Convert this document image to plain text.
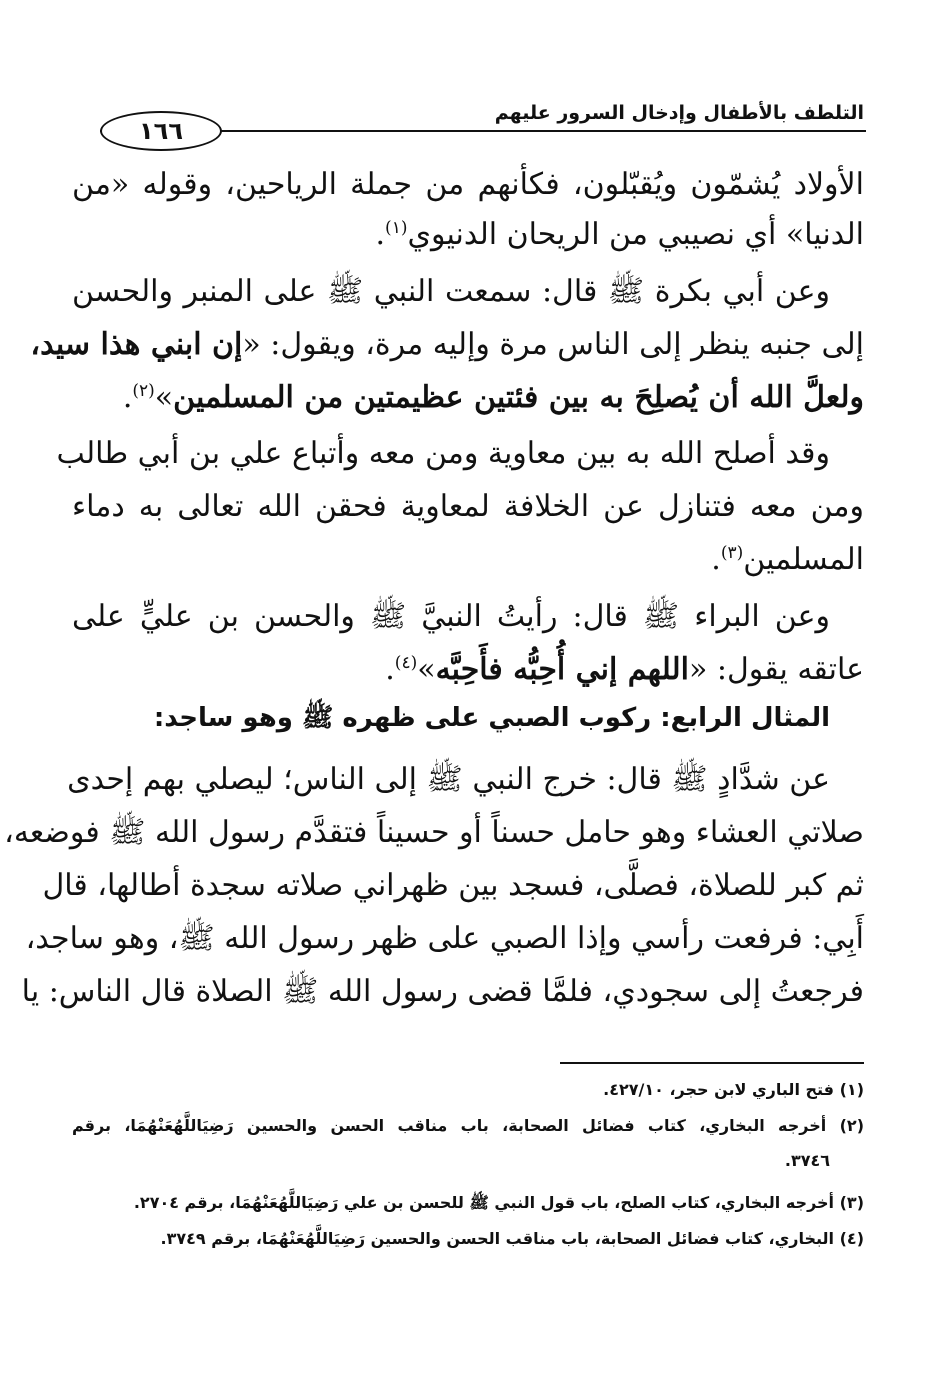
١٦٦
التلطف بالأطفال وإدخال السرور عليهم
الأولاد يُشمّون ويُقبّلون، فكأنهم من جملة الرياحين، وقوله «من
الدنيا» أي نصيبي من الريحان الدنيوي$^{(١)}$.
وعن أبي بكرة ﷺ قال: سمعت النبي ﷺ على المنبر والحسن
إلى جنبه ينظر إلى الناس مرة وإليه مرة، ويقول: «إن ابني هذا سيد،
ولعلَّ الله أن يُصلِحَ به بين فئتين عظيمتين من المسلمين»$^{(٢)}$.
وقد أصلح الله به بين معاوية ومن معه وأتباع علي بن أبي طالب
ومن معه فتنازل عن الخلافة لمعاوية فحقن الله تعالى به دماء
المسلمين$^{(٣)}$.
وعن البراء ﷺ قال: رأيتُ النبيَّ ﷺ والحسن بن عليٍّ على
عاتقه يقول: «اللهم إني أُحِبُّه فأَحِبَّه»$^{(٤)}$.
المثال الرابع: ركوب الصبي على ظهره ﷺ وهو ساجد:
عن شدَّادٍ ﷺ قال: خرج النبي ﷺ إلى الناس؛ ليصلي بهم إحدى
صلاتي العشاء وهو حامل حسناً أو حسيناً فتقدَّم رسول الله ﷺ فوضعه،
ثم كبر للصلاة، فصلَّى، فسجد بين ظهراني صلاته سجدة أطالها، قال
أَبِي: فرفعت رأسي وإذا الصبي على ظهر رسول الله ﷺ، وهو ساجد،
فرجعتُ إلى سجودي، فلمَّا قضى رسول الله ﷺ الصلاة قال الناس: يا
(١) فتح الباري لابن حجر، ٤٢٧/١٠.
(٢) أخرجه البخاري، كتاب فضائل الصحابة، باب مناقب الحسن والحسين رَضِيَاللَّهُعَنْهُمَا، برقم
٣٧٤٦.
(٣) أخرجه البخاري، كتاب الصلح، باب قول النبي ﷺ للحسن بن علي رَضِيَاللَّهُعَنْهُمَا، برقم ٢٧٠٤.
(٤) البخاري، كتاب فضائل الصحابة، باب مناقب الحسن والحسين رَضِيَاللَّهُعَنْهُمَا، برقم ٣٧٤٩.
